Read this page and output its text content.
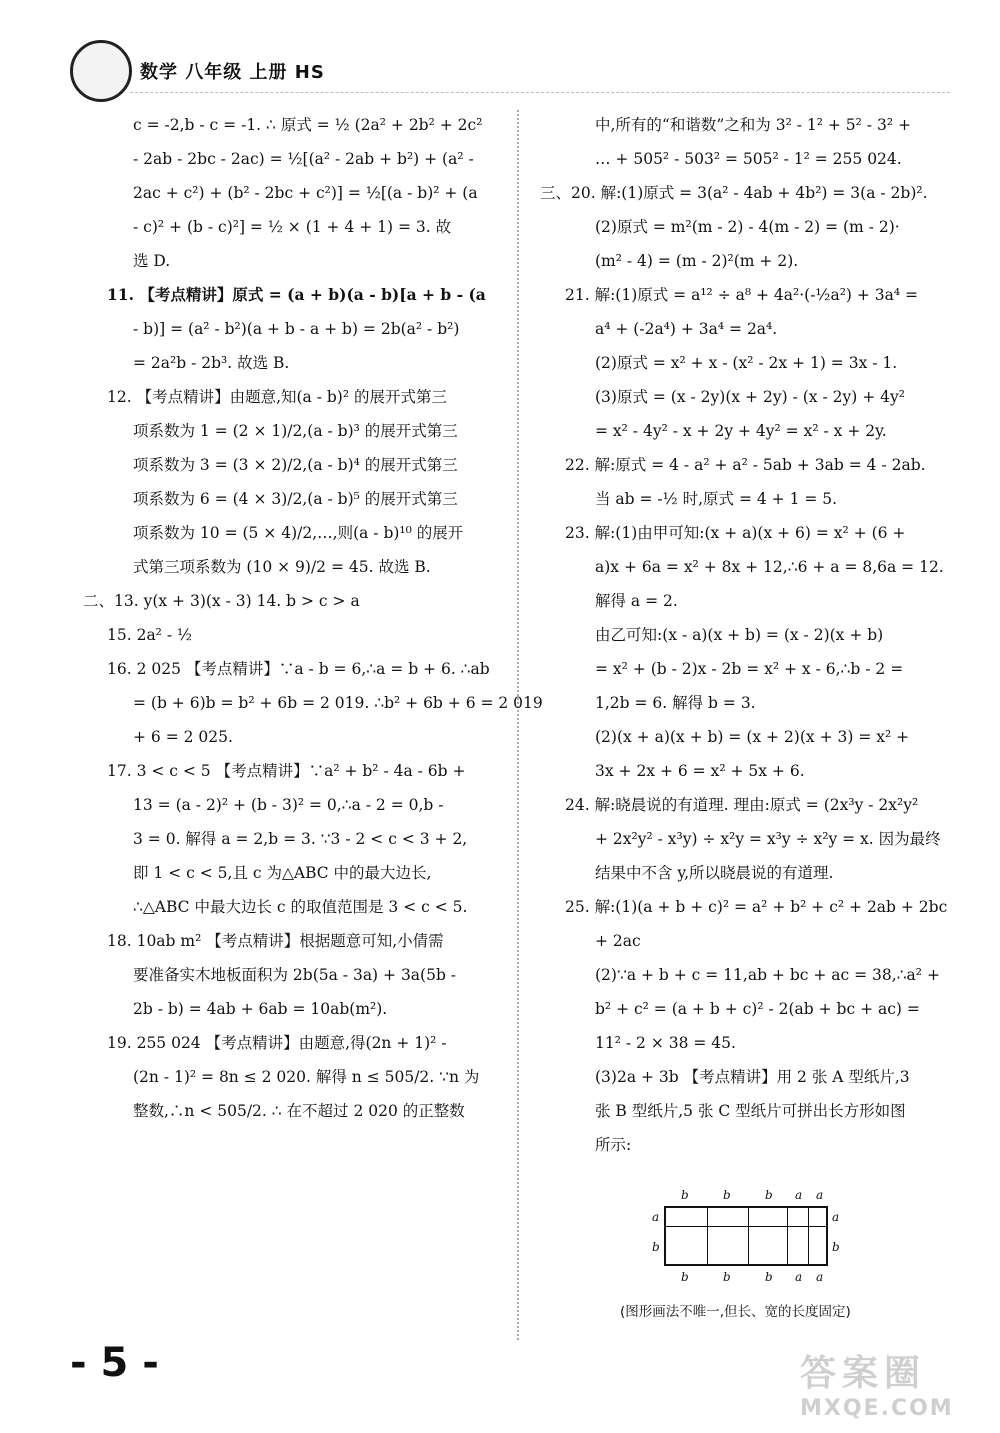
数学 八年级 上册 HS
c = -2,b - c = -1. ∴ 原式 = ½ (2a² + 2b² + 2c²
- 2ab - 2bc - 2ac) = ½[(a² - 2ab + b²) + (a² -
2ac + c²) + (b² - 2bc + c²)] = ½[(a - b)² + (a
- c)² + (b - c)²] = ½ × (1 + 4 + 1) = 3. 故
选 D.
11. 【考点精讲】原式 = (a + b)(a - b)[a + b - (a
- b)] = (a² - b²)(a + b - a + b) = 2b(a² - b²)
= 2a²b - 2b³. 故选 B.
12. 【考点精讲】由题意,知(a - b)² 的展开式第三
项系数为 1 = (2 × 1)/2,(a - b)³ 的展开式第三
项系数为 3 = (3 × 2)/2,(a - b)⁴ 的展开式第三
项系数为 6 = (4 × 3)/2,(a - b)⁵ 的展开式第三
项系数为 10 = (5 × 4)/2,…,则(a - b)¹⁰ 的展开
式第三项系数为 (10 × 9)/2 = 45. 故选 B.
二、13. y(x + 3)(x - 3) 14. b > c > a
15. 2a² - ½
16. 2 025 【考点精讲】∵a - b = 6,∴a = b + 6. ∴ab
= (b + 6)b = b² + 6b = 2 019. ∴b² + 6b + 6 = 2 019
+ 6 = 2 025.
17. 3 < c < 5 【考点精讲】∵a² + b² - 4a - 6b +
13 = (a - 2)² + (b - 3)² = 0,∴a - 2 = 0,b -
3 = 0. 解得 a = 2,b = 3. ∵3 - 2 < c < 3 + 2,
即 1 < c < 5,且 c 为△ABC 中的最大边长,
∴△ABC 中最大边长 c 的取值范围是 3 < c < 5.
18. 10ab m² 【考点精讲】根据题意可知,小倩需
要准备实木地板面积为 2b(5a - 3a) + 3a(5b -
2b - b) = 4ab + 6ab = 10ab(m²).
19. 255 024 【考点精讲】由题意,得(2n + 1)² -
(2n - 1)² = 8n ≤ 2 020. 解得 n ≤ 505/2. ∵n 为
整数,∴n < 505/2. ∴ 在不超过 2 020 的正整数
中,所有的“和谐数”之和为 3² - 1² + 5² - 3² +
… + 505² - 503² = 505² - 1² = 255 024.
三、20. 解:(1)原式 = 3(a² - 4ab + 4b²) = 3(a - 2b)².
(2)原式 = m²(m - 2) - 4(m - 2) = (m - 2)·
(m² - 4) = (m - 2)²(m + 2).
21. 解:(1)原式 = a¹² ÷ a⁸ + 4a²·(-½a²) + 3a⁴ =
a⁴ + (-2a⁴) + 3a⁴ = 2a⁴.
(2)原式 = x² + x - (x² - 2x + 1) = 3x - 1.
(3)原式 = (x - 2y)(x + 2y) - (x - 2y) + 4y²
= x² - 4y² - x + 2y + 4y² = x² - x + 2y.
22. 解:原式 = 4 - a² + a² - 5ab + 3ab = 4 - 2ab.
当 ab = -½ 时,原式 = 4 + 1 = 5.
23. 解:(1)由甲可知:(x + a)(x + 6) = x² + (6 +
a)x + 6a = x² + 8x + 12,∴6 + a = 8,6a = 12.
解得 a = 2.
由乙可知:(x - a)(x + b) = (x - 2)(x + b)
= x² + (b - 2)x - 2b = x² + x - 6,∴b - 2 =
1,2b = 6. 解得 b = 3.
(2)(x + a)(x + b) = (x + 2)(x + 3) = x² +
3x + 2x + 6 = x² + 5x + 6.
24. 解:晓晨说的有道理. 理由:原式 = (2x³y - 2x²y²
+ 2x²y² - x³y) ÷ x²y = x³y ÷ x²y = x. 因为最终
结果中不含 y,所以晓晨说的有道理.
25. 解:(1)(a + b + c)² = a² + b² + c² + 2ab + 2bc
+ 2ac
(2)∵a + b + c = 11,ab + bc + ac = 38,∴a² +
b² + c² = (a + b + c)² - 2(ab + bc + ac) =
11² - 2 × 38 = 45.
(3)2a + 3b 【考点精讲】用 2 张 A 型纸片,3
张 B 型纸片,5 张 C 型纸片可拼出长方形如图
所示:
b	b	b a a
a
b
a
b
b	b	b a a
(图形画法不唯一,但长、宽的长度固定)
- 5 -	答案圈
MXQE.COM
